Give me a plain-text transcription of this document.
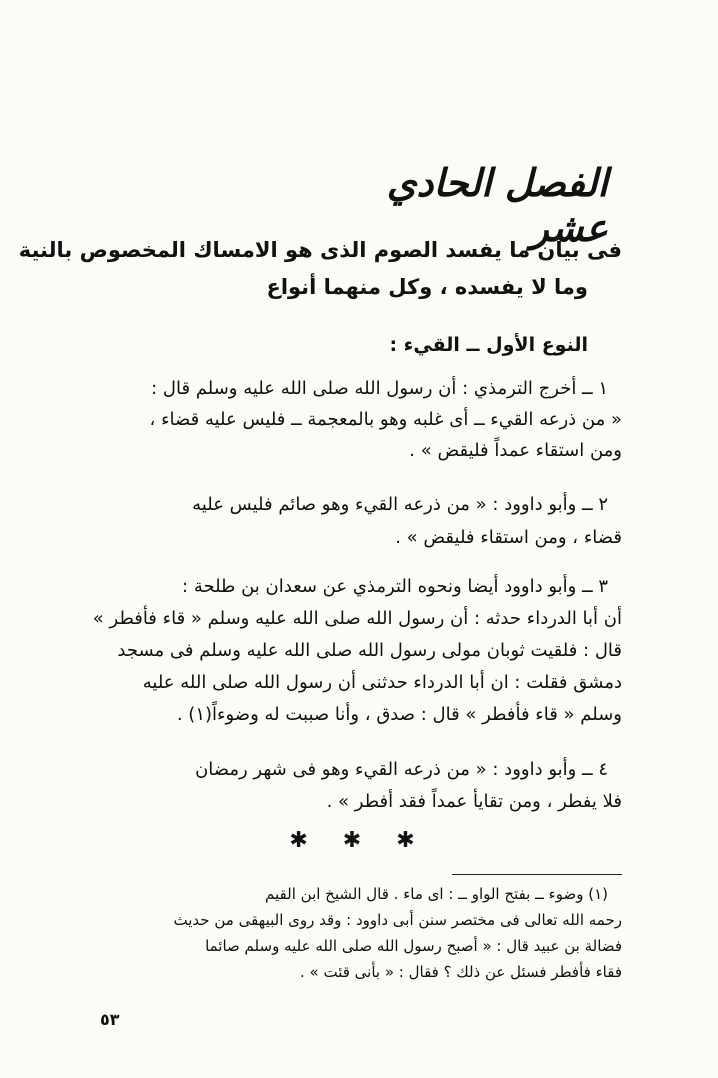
الفصل الحادي عشر
فى بيان ما يفسد الصوم الذى هو الامساك المخصوص بالنية
وما لا يفسده ، وكل منهما أنواع
النوع الأول ــ القيء :
١ ــ أخرج الترمذي : أن رسول الله صلى الله عليه وسلم قال :
« من ذرعه القيء ــ أى غلبه وهو بالمعجمة ــ فليس عليه قضاء ،
ومن استقاء عمداً فليقض » .
٢ ــ وأبو داوود : « من ذرعه القيء وهو صائم فليس عليه
قضاء ، ومن استقاء فليقض » .
٣ ــ وأبو داوود أيضا ونحوه الترمذي عن سعدان بن طلحة :
أن أبا الدرداء حدثه : أن رسول الله صلى الله عليه وسلم « قاء فأفطر »
قال : فلقيت ثوبان مولى رسول الله صلى الله عليه وسلم فى مسجد
دمشق فقلت : ان أبا الدرداء حدثنى أن رسول الله صلى الله عليه
وسلم « قاء فأفطر » قال : صدق ، وأنا صببت له وضوءاً(١) .
٤ ــ وأبو داوود : « من ذرعه القيء وهو فى شهر رمضان
فلا يفطر ، ومن تقايأ عمداً فقد أفطر » .
✱ ✱ ✱
(١) وضوء ــ بفتح الواو ــ : اى ماء . قال الشيخ ابن القيم
رحمه الله تعالى فى مختصر سنن أبى داوود : وقد روى البيهقى من حديث
فضالة بن عبيد قال : « أصبح رسول الله صلى الله عليه وسلم صائما
فقاء فأفطر فسئل عن ذلك ؟ فقال : « بأنى قئت » .
٥٣
